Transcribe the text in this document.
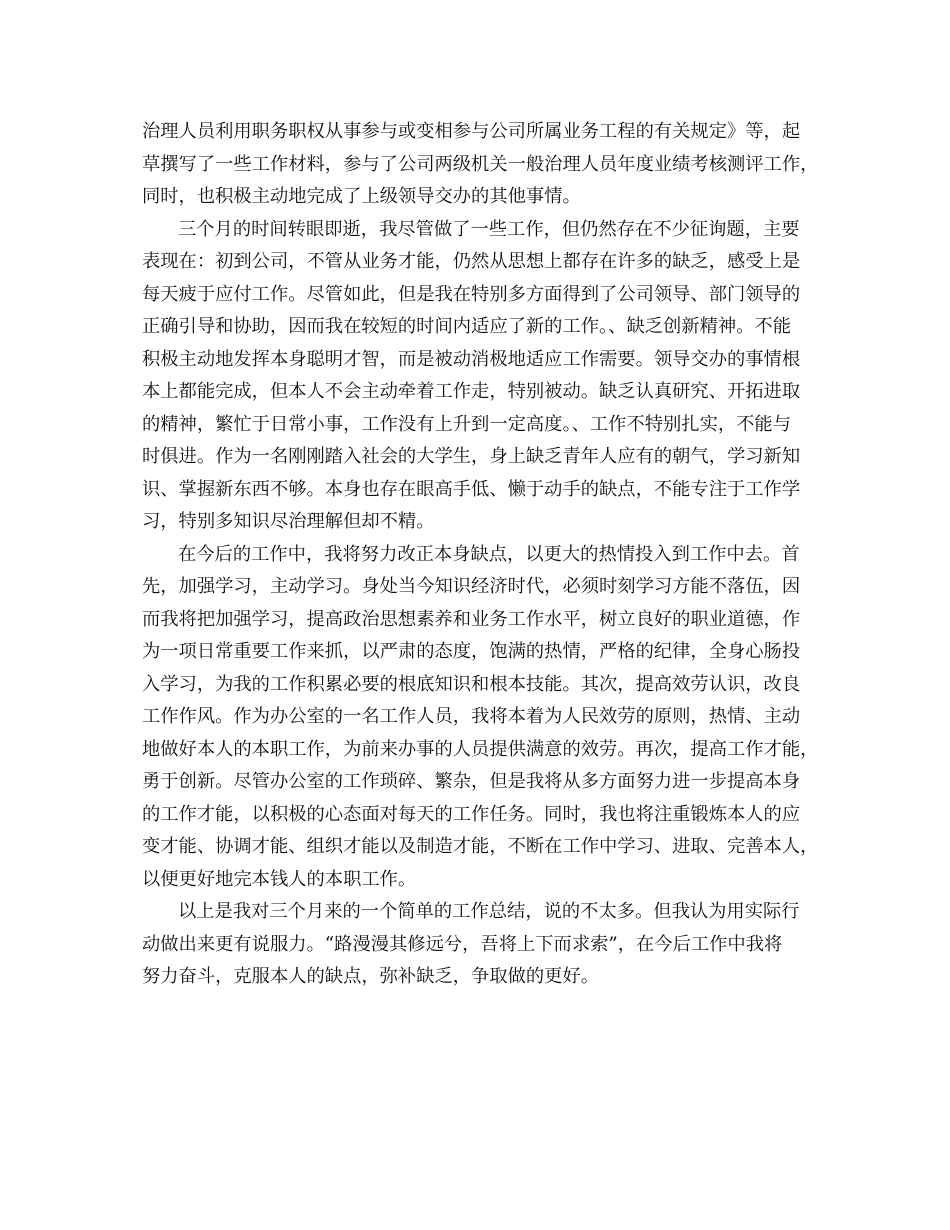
治理人员利用职务职权从事参与或变相参与公司所属业务工程的有关规定》等，起
草撰写了一些工作材料，参与了公司两级机关一般治理人员年度业绩考核测评工作，
同时，也积极主动地完成了上级领导交办的其他事情。
三个月的时间转眼即逝，我尽管做了一些工作，但仍然存在不少征询题，主要
表现在：初到公司，不管从业务才能，仍然从思想上都存在许多的缺乏，感受上是
每天疲于应付工作。尽管如此，但是我在特别多方面得到了公司领导、部门领导的
正确引导和协助，因而我在较短的时间内适应了新的工作。、缺乏创新精神。不能
积极主动地发挥本身聪明才智，而是被动消极地适应工作需要。领导交办的事情根
本上都能完成，但本人不会主动牵着工作走，特别被动。缺乏认真研究、开拓进取
的精神，繁忙于日常小事，工作没有上升到一定高度。、工作不特别扎实，不能与
时俱进。作为一名刚刚踏入社会的大学生，身上缺乏青年人应有的朝气，学习新知
识、掌握新东西不够。本身也存在眼高手低、懒于动手的缺点，不能专注于工作学
习，特别多知识尽治理解但却不精。
在今后的工作中，我将努力改正本身缺点，以更大的热情投入到工作中去。首
先，加强学习，主动学习。身处当今知识经济时代，必须时刻学习方能不落伍，因
而我将把加强学习，提高政治思想素养和业务工作水平，树立良好的职业道德，作
为一项日常重要工作来抓，以严肃的态度，饱满的热情，严格的纪律，全身心肠投
入学习，为我的工作积累必要的根底知识和根本技能。其次，提高效劳认识，改良
工作作风。作为办公室的一名工作人员，我将本着为人民效劳的原则，热情、主动
地做好本人的本职工作，为前来办事的人员提供满意的效劳。再次，提高工作才能，
勇于创新。尽管办公室的工作琐碎、繁杂，但是我将从多方面努力进一步提高本身
的工作才能，以积极的心态面对每天的工作任务。同时，我也将注重锻炼本人的应
变才能、协调才能、组织才能以及制造才能，不断在工作中学习、进取、完善本人，
以便更好地完本钱人的本职工作。
以上是我对三个月来的一个简单的工作总结，说的不太多。但我认为用实际行
动做出来更有说服力。“路漫漫其修远兮，吾将上下而求索”，在今后工作中我将
努力奋斗，克服本人的缺点，弥补缺乏，争取做的更好。
